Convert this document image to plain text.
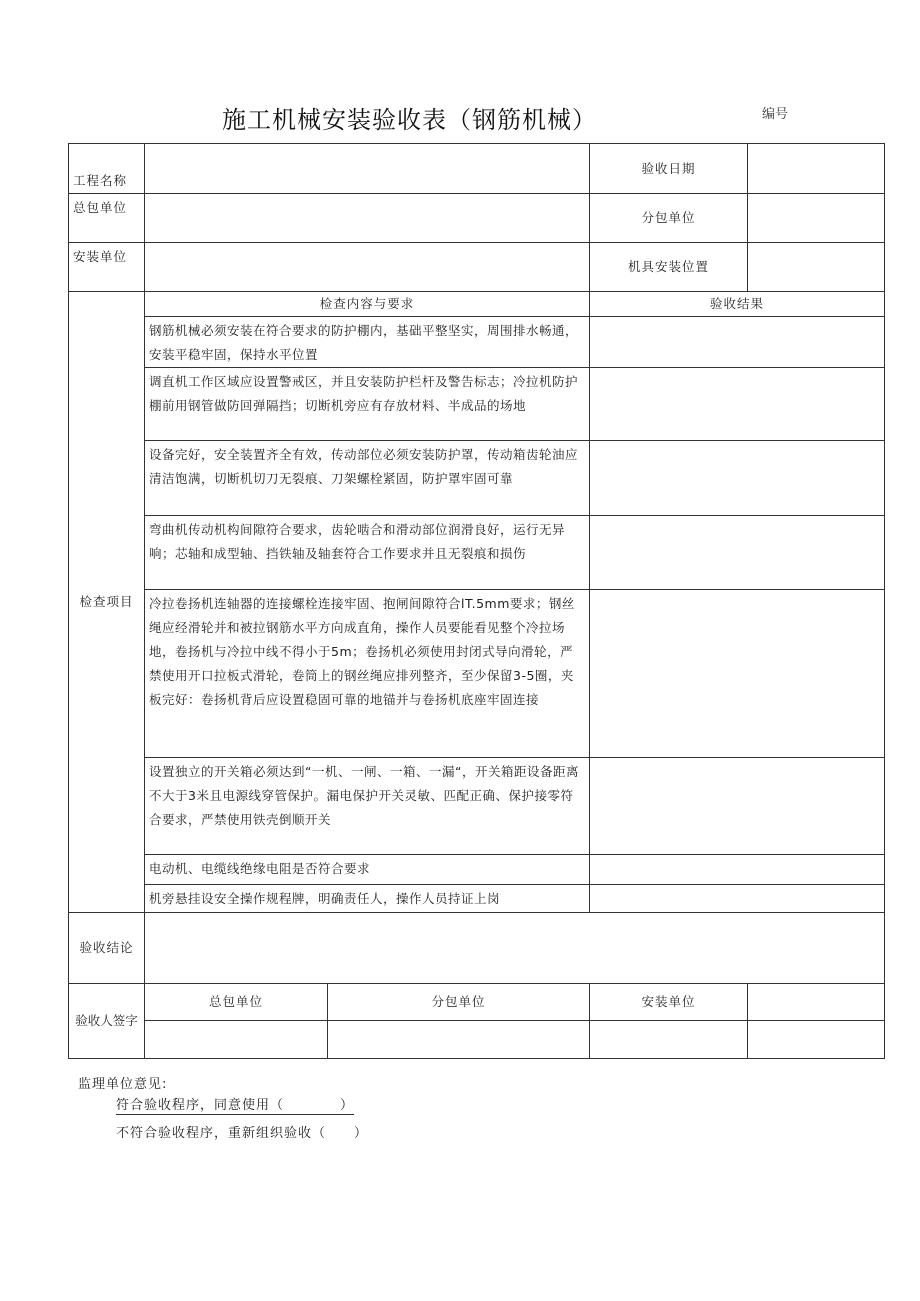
施工机械安装验收表（钢筋机械）	编号
工程名称			验收日期	
总包单位			分包单位	
安装单位			机具安装位置	
检查项目	检查内容与要求		验收结果	
	钢筋机械必须安装在符合要求的防护棚内，基础平整坚实，周围排水畅通，安装平稳牢固，保持水平位置			
	调直机工作区域应设置警戒区，并且安装防护栏杆及警告标志；冷拉机防护棚前用钢管做防回弹隔挡；切断机旁应有存放材料、半成品的场地			
	设备完好，安全装置齐全有效，传动部位必须安装防护罩，传动箱齿轮油应清洁饱满，切断机切刀无裂痕、刀架螺栓紧固，防护罩牢固可靠			
	弯曲机传动机构间隙符合要求，齿轮啮合和滑动部位润滑良好，运行无异响；芯轴和成型轴、挡铁轴及轴套符合工作要求并且无裂痕和损伤			
	冷拉卷扬机连轴器的连接螺栓连接牢固、抱闸间隙符合lT.5mm要求；钢丝绳应经滑轮并和被拉钢筋水平方向成直角，操作人员要能看见整个冷拉场地，卷扬机与冷拉中线不得小于5m；卷扬机必须使用封闭式导向滑轮，严禁使用开口拉板式滑轮，卷筒上的钢丝绳应排列整齐，至少保留3-5圈，夹板完好：卷扬机背后应设置稳固可靠的地锚并与卷扬机底座牢固连接			
	设置独立的开关箱必须达到“一机、一闸、一箱、一漏“，开关箱距设备距离不大于3米且电源线穿管保护。漏电保护开关灵敏、匹配正确、保护接零符合要求，严禁使用铁壳倒顺开关			
	电动机、电缆线绝缘电阻是否符合要求			
	机旁悬挂设安全操作规程牌，明确责任人，操作人员持证上岗			
验收结论				
验收人签字	总包单位	分包单位	安装单位	

监理单位意见:
符合验收程序，同意使用（　　　　）
不符合验收程序，重新组织验收（　　）
